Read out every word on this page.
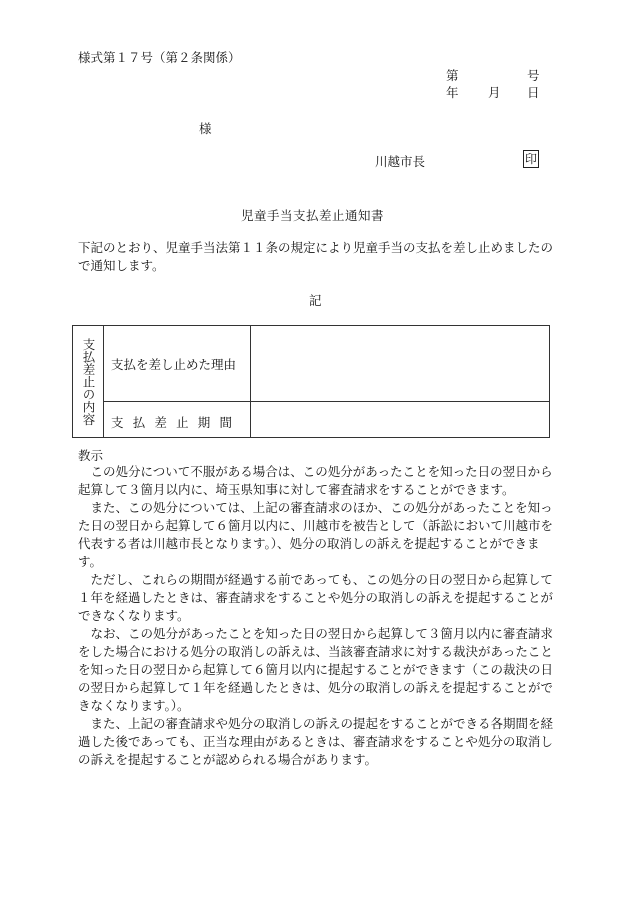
様式第１７号（第２条関係）
第	号
年 月 日
様
川越市長	印
児童手当支払差止通知書
下記のとおり、児童手当法第１１条の規定により児童手当の支払を差し止めましたので通知します。
記
支払差止の内容	支払を差し止めた理由
支払差止期間
教示

この処分について不服がある場合は、この処分があったことを知った日の翌日から起算して３箇月以内に、埼玉県知事に対して審査請求をすることができます。

また、この処分については、上記の審査請求のほか、この処分があったことを知った日の翌日から起算して６箇月以内に、川越市を被告として（訴訟において川越市を代表する者は川越市長となります。）、処分の取消しの訴えを提起することができます。

ただし、これらの期間が経過する前であっても、この処分の日の翌日から起算して１年を経過したときは、審査請求をすることや処分の取消しの訴えを提起することができなくなります。

なお、この処分があったことを知った日の翌日から起算して３箇月以内に審査請求をした場合における処分の取消しの訴えは、当該審査請求に対する裁決があったことを知った日の翌日から起算して６箇月以内に提起することができます（この裁決の日の翌日から起算して１年を経過したときは、処分の取消しの訴えを提起することができなくなります。）。

また、上記の審査請求や処分の取消しの訴えの提起をすることができる各期間を経過した後であっても、正当な理由があるときは、審査請求をすることや処分の取消しの訴えを提起することが認められる場合があります。
